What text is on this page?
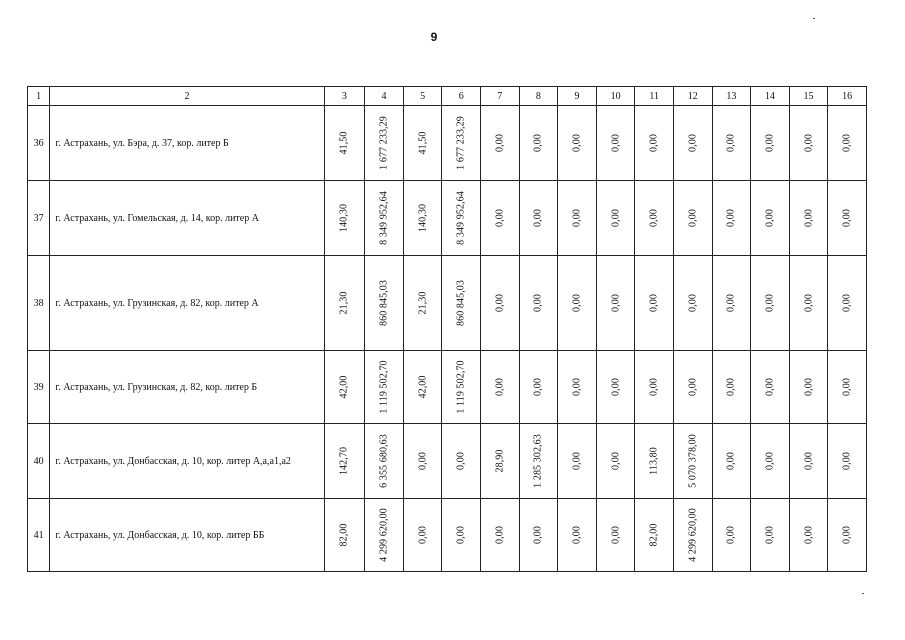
9
1	2	3	4	5	6	7	8	9	10	11	12	13	14	15	16
36	г. Астрахань, ул. Бэра, д. 37, кор. литер Б	41,50	1 677 233,29	41,50	1 677 233,29	0,00	0,00	0,00	0,00	0,00	0,00	0,00	0,00	0,00	0,00

37	г. Астрахань, ул. Гомельская, д. 14, кор. литер А	140,30	8 349 952,64	140,30	8 349 952,64	0,00	0,00	0,00	0,00	0,00	0,00	0,00	0,00	0,00	0,00

38	г. Астрахань, ул. Грузинская, д. 82, кор. литер А	21,30	860 845,03	21,30	860 845,03	0,00	0,00	0,00	0,00	0,00	0,00	0,00	0,00	0,00	0,00

39	г. Астрахань, ул. Грузинская, д. 82, кор. литер Б	42,00	1 119 502,70	42,00	1 119 502,70	0,00	0,00	0,00	0,00	0,00	0,00	0,00	0,00	0,00	0,00

40	г. Астрахань, ул. Донбасская, д. 10, кор. литер А,а,а1,а2	142,70	6 355 680,63	0,00	0,00	28,90	1 285 302,63	0,00	0,00	113,80	5 070 378,00	0,00	0,00	0,00	0,00

41	г. Астрахань, ул. Донбасская, д. 10, кор. литер ББ	82,00	4 299 620,00	0,00	0,00	0,00	0,00	0,00	0,00	82,00	4 299 620,00	0,00	0,00	0,00	0,00
